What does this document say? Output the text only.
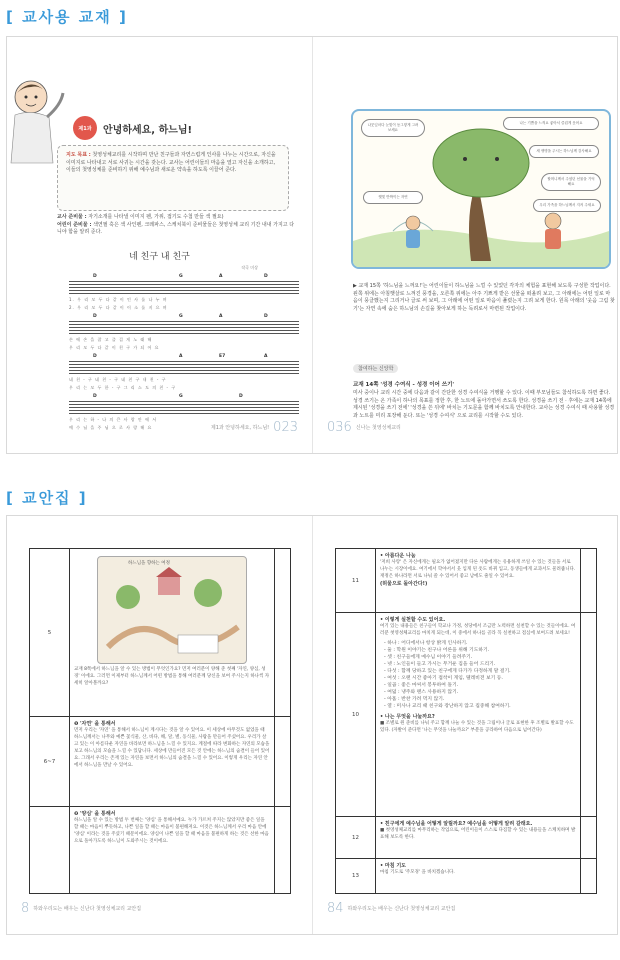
[ 교사용 교재 ]
제1과	안녕하세요, 하느님!
지도 목표 : 첫영성체교리를 시작하며 만난 친구들과 자연스럽게 인사를 나누는 시간으로, 자신을 이미지로 나타내고 서로 사귀는 시간을 갖는다. 교사는 어린이들의 마음을 열고 자신을 소개하고, 이들의 첫영성체를 준비하기 위해 예수님과 새로운 약속을 하도록 이끌어 준다.
교사 준비물 : 자기소개를 나타낼 이미지 펜, 가위, 접기도 수첩 만들 색 필요)
어린이 준비물 : 색연필 혹은 색 사인펜, 크레파스, 스케치북이 준비물들은 첫영성체 교리 기간 내내 가지고 다니야 함을 알려 준다.
네 친구 내 친구
작곡 미상
D	G	A	D
1. 우 리 모 두 다 같 이 인 사 를 나 누 며
2. 우 리 모 두 다 같 이 이 소 를 지 으 며
D	G	A	D
손 에 손 을 잡 고 즐 겁 게 노 래 해
우 리 모 두 다 같 이 친 구 가 되 어 요
D	A	E7	A
네 친 - 구 네 친 - 구 네 친 구 내 친 - 구
우 리 는 모 두 한 - 구 그 리 스 도 의 친 - 구
D	G	D
우 리 는 하 - 나 의 큰 사 랑 안 에 서
예 수 님 을 주 님 으 로 사 랑 해 요	제1과 안녕하세요, 하느님! 023
나뭇잎마다 눈빛이 동그랗게 그려 보세요
나는 기쁨을 느껴요 좋아서 즐겁게 웃어요
새 생명을 주시는 하느님께 감사해요
할머니께서 주셨던 선물을 기억해요
우리 가족을 하느님께서 지켜 주세요
햇빛 반짝이는 자연
▶ 교재 15쪽 '하느님을 느껴요!'는 어린이들이 하느님을 느낄 수 있었던 각자의 체험을 표현해 보도록 구성한 작업이다. 왼쪽 위에는 아침햇살로 느껴진 풍경을, 오른쪽 위에는 아주 기쁘게 받은 선물을 떠올려 보고, 그 아래에는 어떤 일로 마음이 뭉클했는지 그리거나 글로 써 보며, 그 아래에 어떤 일로 마음이 풀렸는지 그려 보게 한다. 원목 아래의 '웃음 그림 찾기'는 자연 속에 숨은 하느님의 손길을 찾아보게 하는 독려로서 마련된 작업이다.
참여하는 신앙학
교재 14쪽 '성경 수여식 - 성경 이어 쓰기'
미사 중이나 교리 시간 중에 다음과 같이 간단한 성경 수여식을 거행할 수 있다. 이때 부모님들도 참석하도록 하면 좋다. 성경 쓰기는 온 가족이 하나의 목표를 정한 후, 한 노트에 돌아가면서 쓰도록 한다. 성경을 쓰기 전 · 후에는 교재 14쪽에 제시된 '성경을 쓰기 전에' '성경을 쓴 뒤에' 바치는 기도문을 함께 바치도록 안내한다. 교사는 성경 수여식 때 사용할 성경과 노트를 미리 포장해 둔다. 또는 '성경 수여식' 으로 교리를 시작할 수도 있다.
036 신나는 첫영성체교리
[ 교안집 ]
5
하느님을 향하는 여정
교재 8쪽에서 하느님을 알 수 있는 방법이 무엇인가요? 먼저 여러분이 양해 준 첫째 '자연, 양심, 성경' 이에요. 그러면 이제부터 하느님께서 어떤 방법을 통해 여러분께 당신을 보여 주시는지 하나씩 자세히 알아볼까요?
6~7
❶ '자연' 을 통해서
먼저 우리는 '자연' 을 통해서 하느님이 계시다는 것을 알 수 있어요. 이 세상에 아무것도 없었을 때 하느님께서는 나무와 예쁜 꽃식물, 산, 바다, 해, 달, 별, 동식물, 사람을 만들어 주셨어요. 우리가 살고 있는 이 아름다운 자연을 바라보면 하느님을 느낄 수 있지요. 계절에 따라 변화하는 자연의 모습을 보고 하느님의 모습을 느낄 수 있답니다. 세상에 만들어진 모든 것 안에는 하느님의 숨결이 들어 있어요. 그래서 우리는 존재 있는 자연을 보면서 하느님의 숨결을 느낄 수 있어요. 이렇게 우리는 자연 안에서 하느님을 만날 수 있어요.
❷ '양심' 을 통해서
하느님을 알 수 있는 방법 두 번째는 '양심' 을 통해서예요. 누가 가르쳐 주지는 않았지만 좋은 일을 할 때는 마음이 뿌듯하고, 나쁜 일을 할 때는 마음이 불편해져요. 이것은 하느님께서 우리 마음 안에 '양심' 이라는 것을 주셨기 때문이에요. 양심이 나쁜 일을 할 때 마음을 불편하게 하는 것은 선한 마음으로 돌아가도록 하느님이 도와주시는 것이에요.
8 하와우리도는 배우는 신난다 첫영성체교리 교안집
11
• 아름다운 나눔
'저희 사랑' 은 자신에게는 필요가 없어졌지만 다른 사람에게는 유용하게 쓰일 수 있는 것들을 서로 나누는 시장이에요. 여기에서 학야서서 웃 입게 된 옷도 바뀌 입고, 동생들에게 교과서도 물려줍니다. 재정은 하나라면 서로 나눠 쓸 수 있어서 좋고 남에도 줄일 수 있어요.
(허물으로 돌아간다!)
10
• 이렇게 실천할 수도 있어요.
여기 있는 내용들은 친구들이 학교나 가정, 성당에서 조금만 노력하면 실천할 수 있는 것들이에요. 여러분 첫영성체교리를 마치게 되는데, 이 중에서 하나를 골라 꼭 실천하고 점심에 보여드려 보세요!
- 하나 : 어디에서나 항상 밝게 인사하기.
- 둘 : 학원 이야기는 친구나 어른을 위해 기도하기.
- 셋 : 친구들에게 예수님 이야기 들려주기.
- 넷 : 노인들이 들고 가시는 무거운 짐을 들어 드리기.
- 다섯 : 함께 당하고 있는 친구에게 다가가 다정하게 말 걸기.
- 여섯 : 오랜 시간 좋아기 접착이 게임, 텔레비전 보기 등.
- 일곱 : 좋은 마씨서 봉투하여 돌기.
- 여덟 : 냉주와 랜스 사용하지 않기.
- 아홉 : 반찬 가려 먹지 않기.
- 열 : 미사나 교리 때 친구와 장난하지 않고 집중해 참여하기.
• 나는 무엇을 나눌까요?
■ 조별로 원 준비를 나눠 주고 함께 나눌 수 있는 것을 그림이나 글로 표현한 후 조별로 발표할 수도 있다. (자발이 준다면 '나는 무엇을 나눌까요?' 부분을 공라하여 다음으로 넘어간다)
12
• 친구에게 예수님을 어떻게 알릴까요? 예수님을 어떻게 알려 갈래요.
■ 첫영성체교리를 마무리하는 작업으로, 어린이들이 스스로 다짐할 수 있는 내용들을 스케치하며 발표해 보도록 한다.
13
• 마침 기도
마침 기도로 '주모경' 을 바치겠습니다.
84 하와우리도는 배우는 신난다 첫영성체교리 교안집
